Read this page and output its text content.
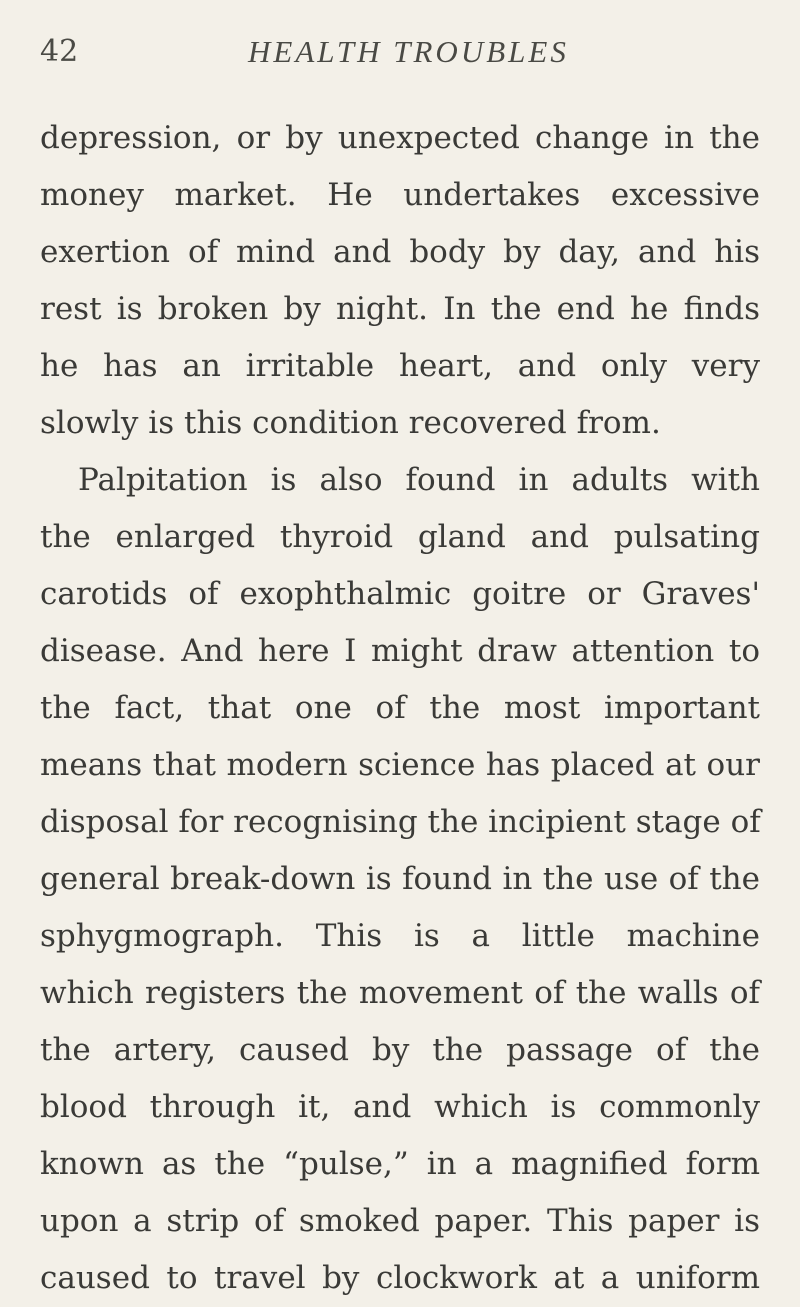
42	HEALTH TROUBLES
depression, or by unexpected change in the
money market. He undertakes excessive
exertion of mind and body by day, and his
rest is broken by night. In the end he finds
he has an irritable heart, and only very
slowly is this condition recovered from.
Palpitation is also found in adults with
the enlarged thyroid gland and pulsating
carotids of exophthalmic goitre or Graves'
disease. And here I might draw attention to
the fact, that one of the most important
means that modern science has placed at our
disposal for recognising the incipient stage of
general break-down is found in the use of the
sphygmograph. This is a little machine
which registers the movement of the walls of
the artery, caused by the passage of the
blood through it, and which is commonly
known as the “pulse,” in a magnified form
upon a strip of smoked paper. This paper is
caused to travel by clockwork at a uniform
